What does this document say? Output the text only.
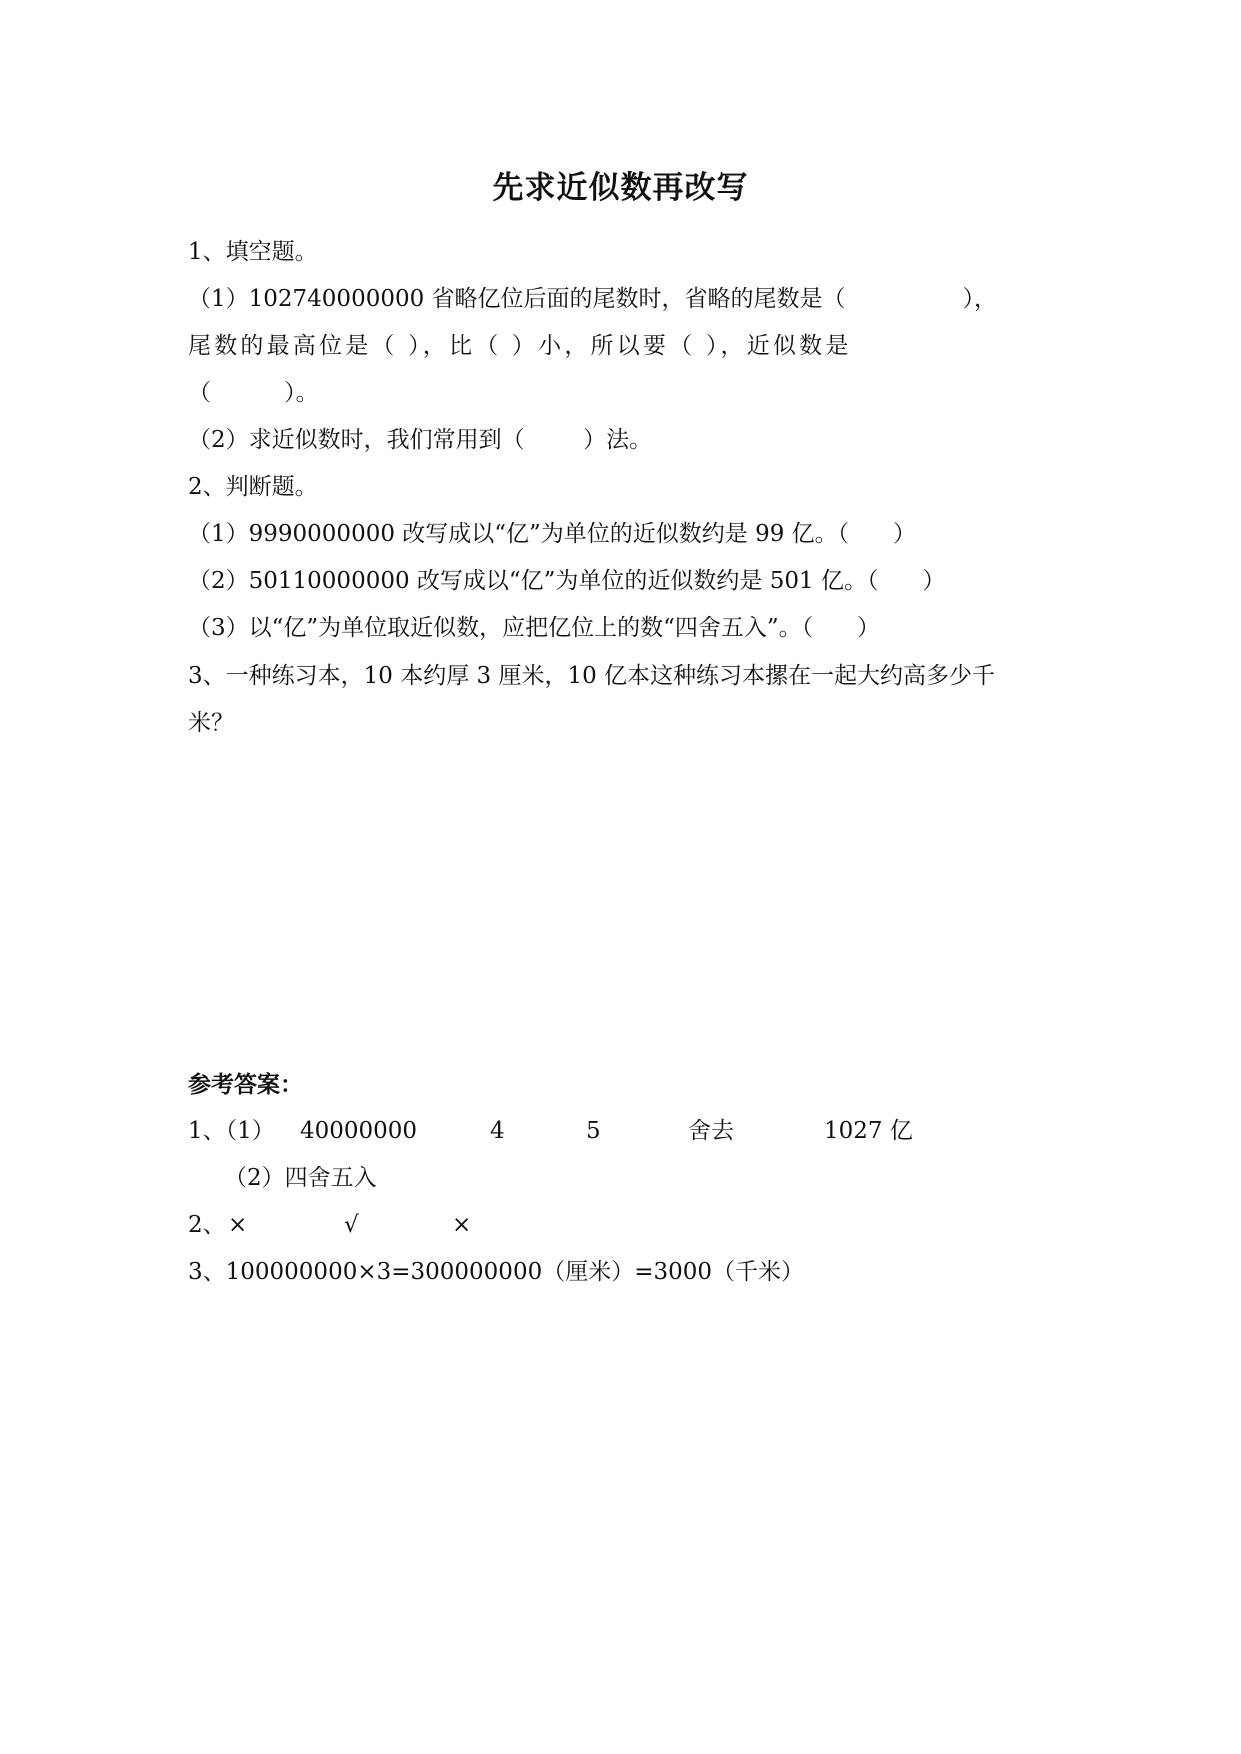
先求近似数再改写
1、填空题。
（1）102740000000 省略亿位后面的尾数时，省略的尾数是（                ），
尾数的最高位是（ ），比（ ）小，所以要（ ），近似数是
（          ）。
（2）求近似数时，我们常用到（        ）法。
2、判断题。
（1）9990000000 改写成以“亿”为单位的近似数约是 99 亿。（      ）
（2）50110000000 改写成以“亿”为单位的近似数约是 501 亿。（      ）
（3）以“亿”为单位取近似数，应把亿位上的数“四舍五入”。（      ）
3、一种练习本，10 本约厚 3 厘米，10 亿本这种练习本摞在一起大约高多少千
米？
参考答案：
1、（1） 40000000	4	5	舍去	1027 亿
（2）四舍五入
2、 ×	√	×
3、100000000×3=300000000（厘米）=3000（千米）
